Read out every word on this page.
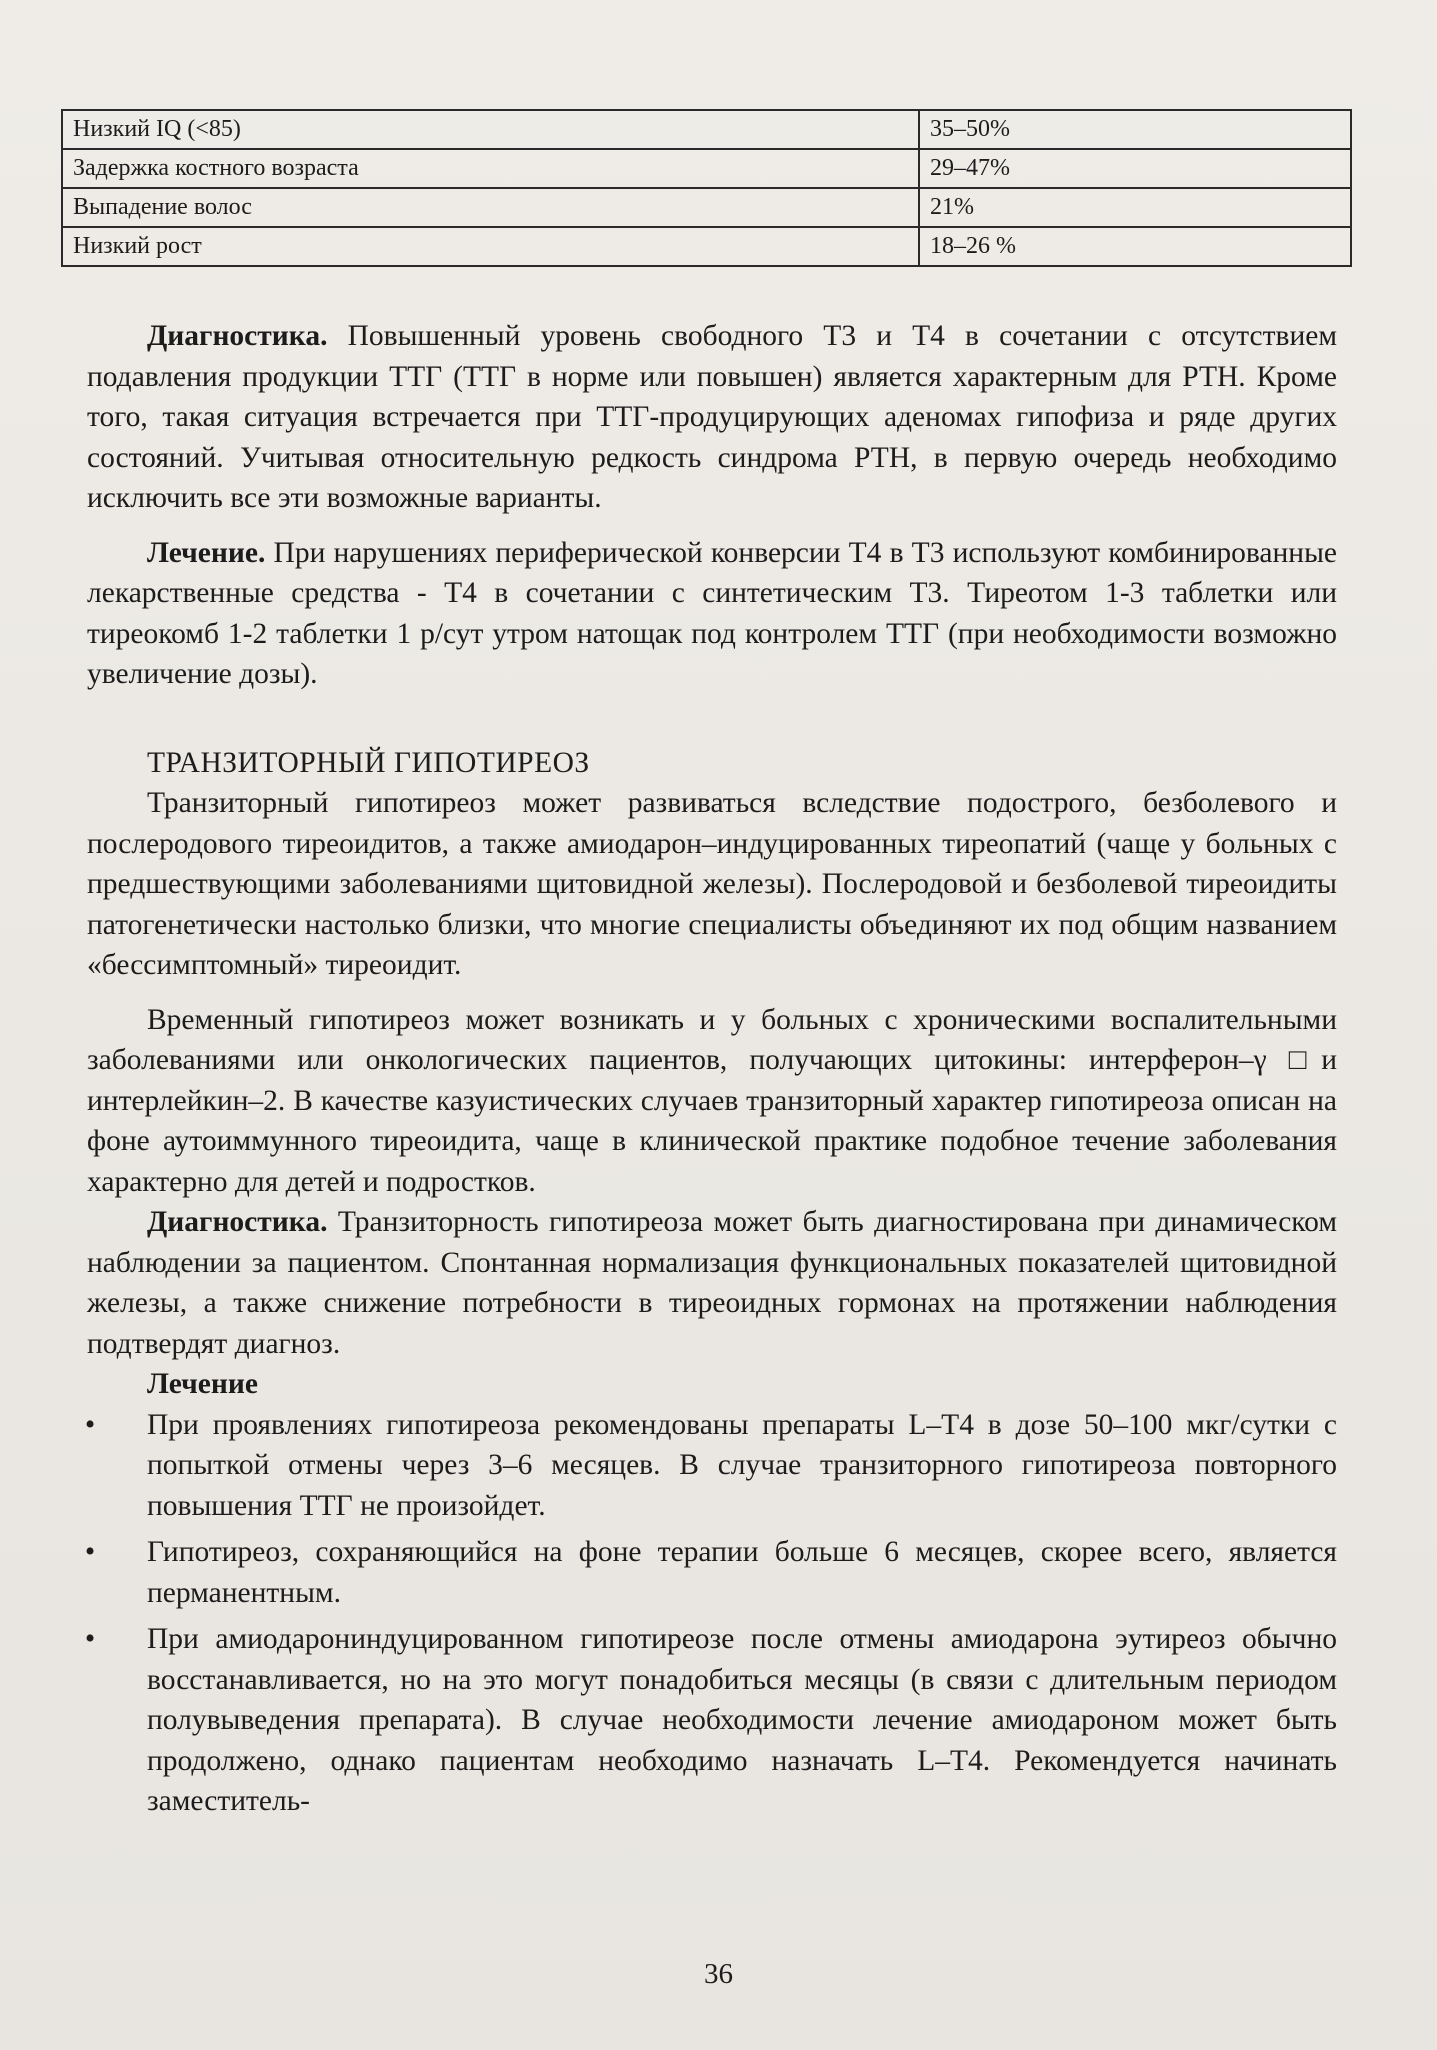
Низкий IQ (<85)	35–50%
Задержка костного возраста	29–47%
Выпадение волос	21%
Низкий рост	18–26 %

Диагностика. Повышенный уровень свободного Т3 и Т4 в сочетании с отсутствием подавления продукции ТТГ (ТТГ в норме или повышен) является характерным для РТН. Кроме того, такая ситуация встречается при ТТГ-продуцирующих аденомах гипофиза и ряде других состояний. Учитывая относительную редкость синдрома РТН, в первую очередь необходимо исключить все эти возможные варианты.

Лечение. При нарушениях периферической конверсии Т4 в Т3 используют комбинированные лекарственные средства - Т4 в сочетании с синтетическим Т3. Тиреотом 1-3 таблетки или тиреокомб 1-2 таблетки 1 р/сут утром натощак под контролем ТТГ (при необходимости возможно увеличение дозы).

ТРАНЗИТОРНЫЙ ГИПОТИРЕОЗ

Транзиторный гипотиреоз может развиваться вследствие подострого, безболевого и послеродового тиреоидитов, а также амиодарон–индуцированных тиреопатий (чаще у больных с предшествующими заболеваниями щитовидной железы). Послеродовой и безболевой тиреоидиты патогенетически настолько близки, что многие специалисты объединяют их под общим названием «бессимптомный» тиреоидит.

Временный гипотиреоз может возникать и у больных с хроническими воспалительными заболеваниями или онкологических пациентов, получающих цитокины: интерферон–γ □и интерлейкин–2. В качестве казуистических случаев транзиторный характер гипотиреоза описан на фоне аутоиммунного тиреоидита, чаще в клинической практике подобное течение заболевания характерно для детей и подростков.

Диагностика. Транзиторность гипотиреоза может быть диагностирована при динамическом наблюдении за пациентом. Спонтанная нормализация функциональных показателей щитовидной железы, а также снижение потребности в тиреоидных гормонах на протяжении наблюдения подтвердят диагноз.

Лечение

• При проявлениях гипотиреоза рекомендованы препараты L–T4 в дозе 50–100 мкг/сутки с попыткой отмены через 3–6 месяцев. В случае транзиторного гипотиреоза повторного повышения ТТГ не произойдет.
• Гипотиреоз, сохраняющийся на фоне терапии больше 6 месяцев, скорее всего, является перманентным.
• При амиодарониндуцированном гипотиреозе после отмены амиодарона эутиреоз обычно восстанавливается, но на это могут понадобиться месяцы (в связи с длительным периодом полувыведения препарата). В случае необходимости лечение амиодароном может быть продолжено, однако пациентам необходимо назначать L–T4. Рекомендуется начинать заместитель-
36
